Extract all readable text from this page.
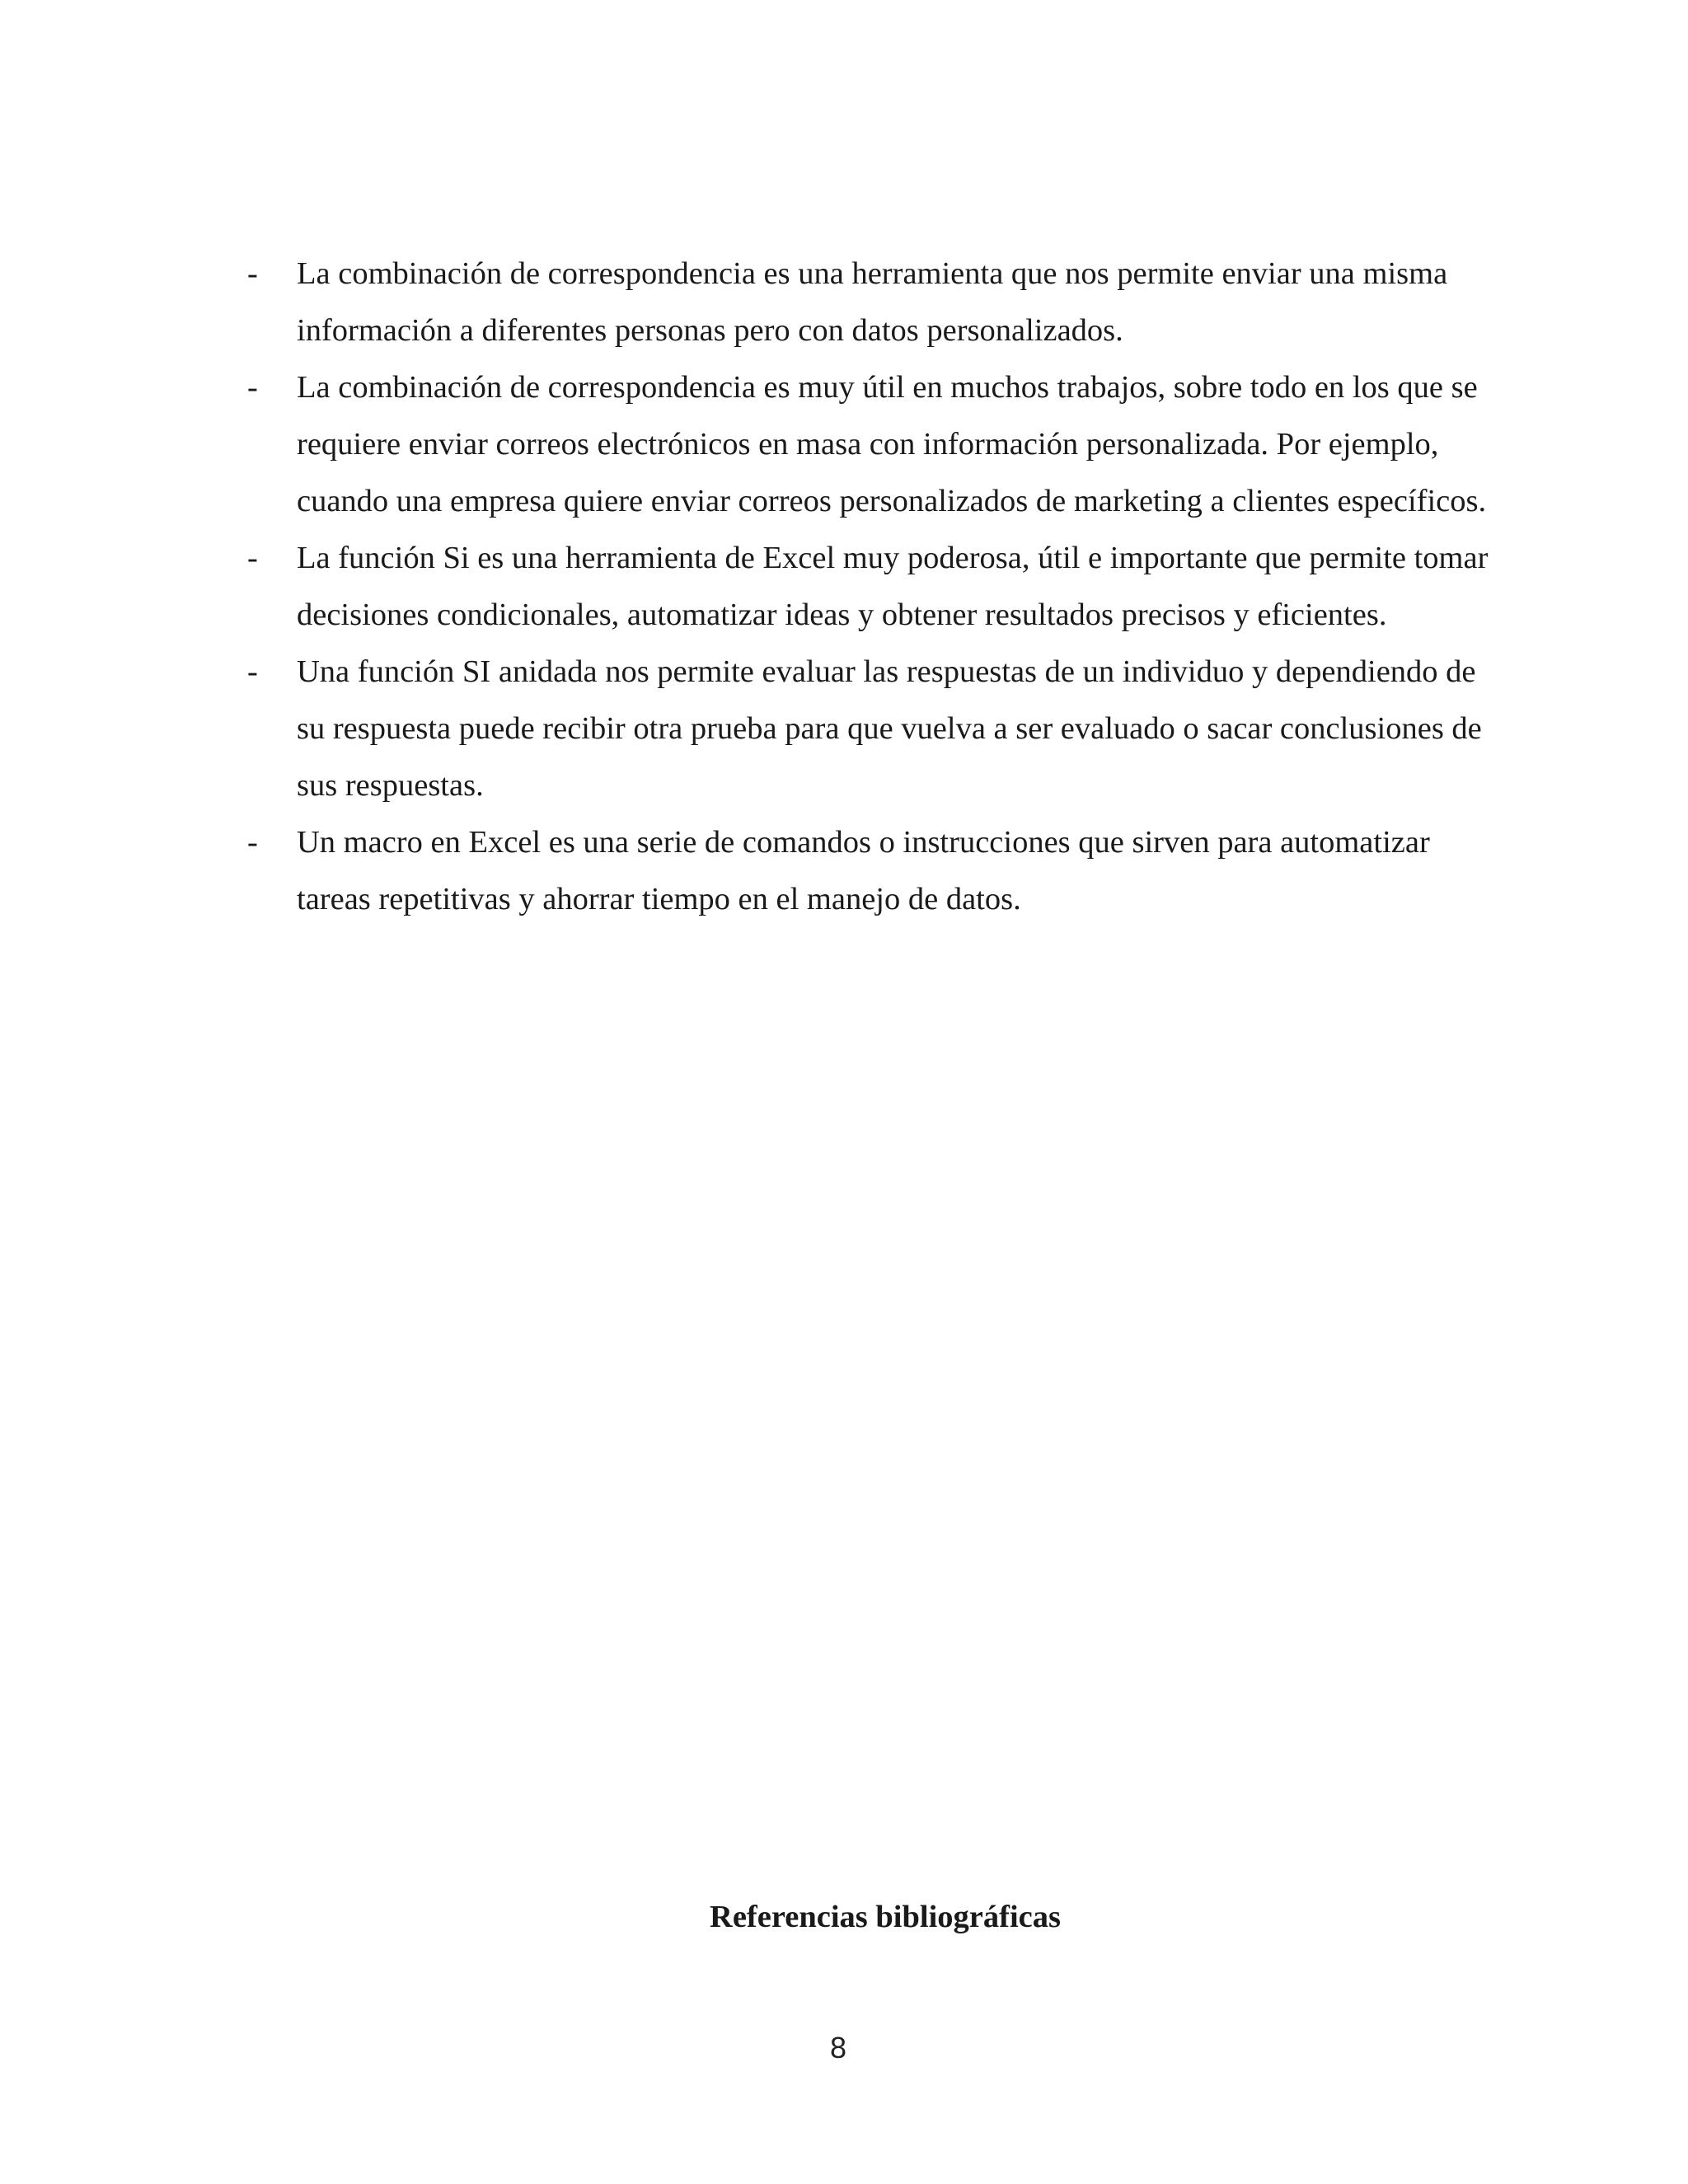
-	La combinación de correspondencia es una herramienta que nos permite enviar una misma información a diferentes personas pero con datos personalizados.
-	La combinación de correspondencia es muy útil en muchos trabajos, sobre todo en los que se requiere enviar correos electrónicos en masa con información personalizada. Por ejemplo, cuando una empresa quiere enviar correos personalizados de marketing a clientes específicos.
-	La función Si es una herramienta de Excel muy poderosa, útil e importante que permite tomar decisiones condicionales, automatizar ideas y obtener resultados precisos y eficientes.
-	Una función SI anidada nos permite evaluar las respuestas de un individuo y dependiendo de su respuesta puede recibir otra prueba para que vuelva a ser evaluado o sacar conclusiones de sus respuestas.
-	Un macro en Excel es una serie de comandos o instrucciones que sirven para automatizar tareas repetitivas y ahorrar tiempo en el manejo de datos.
Referencias bibliográficas
8
